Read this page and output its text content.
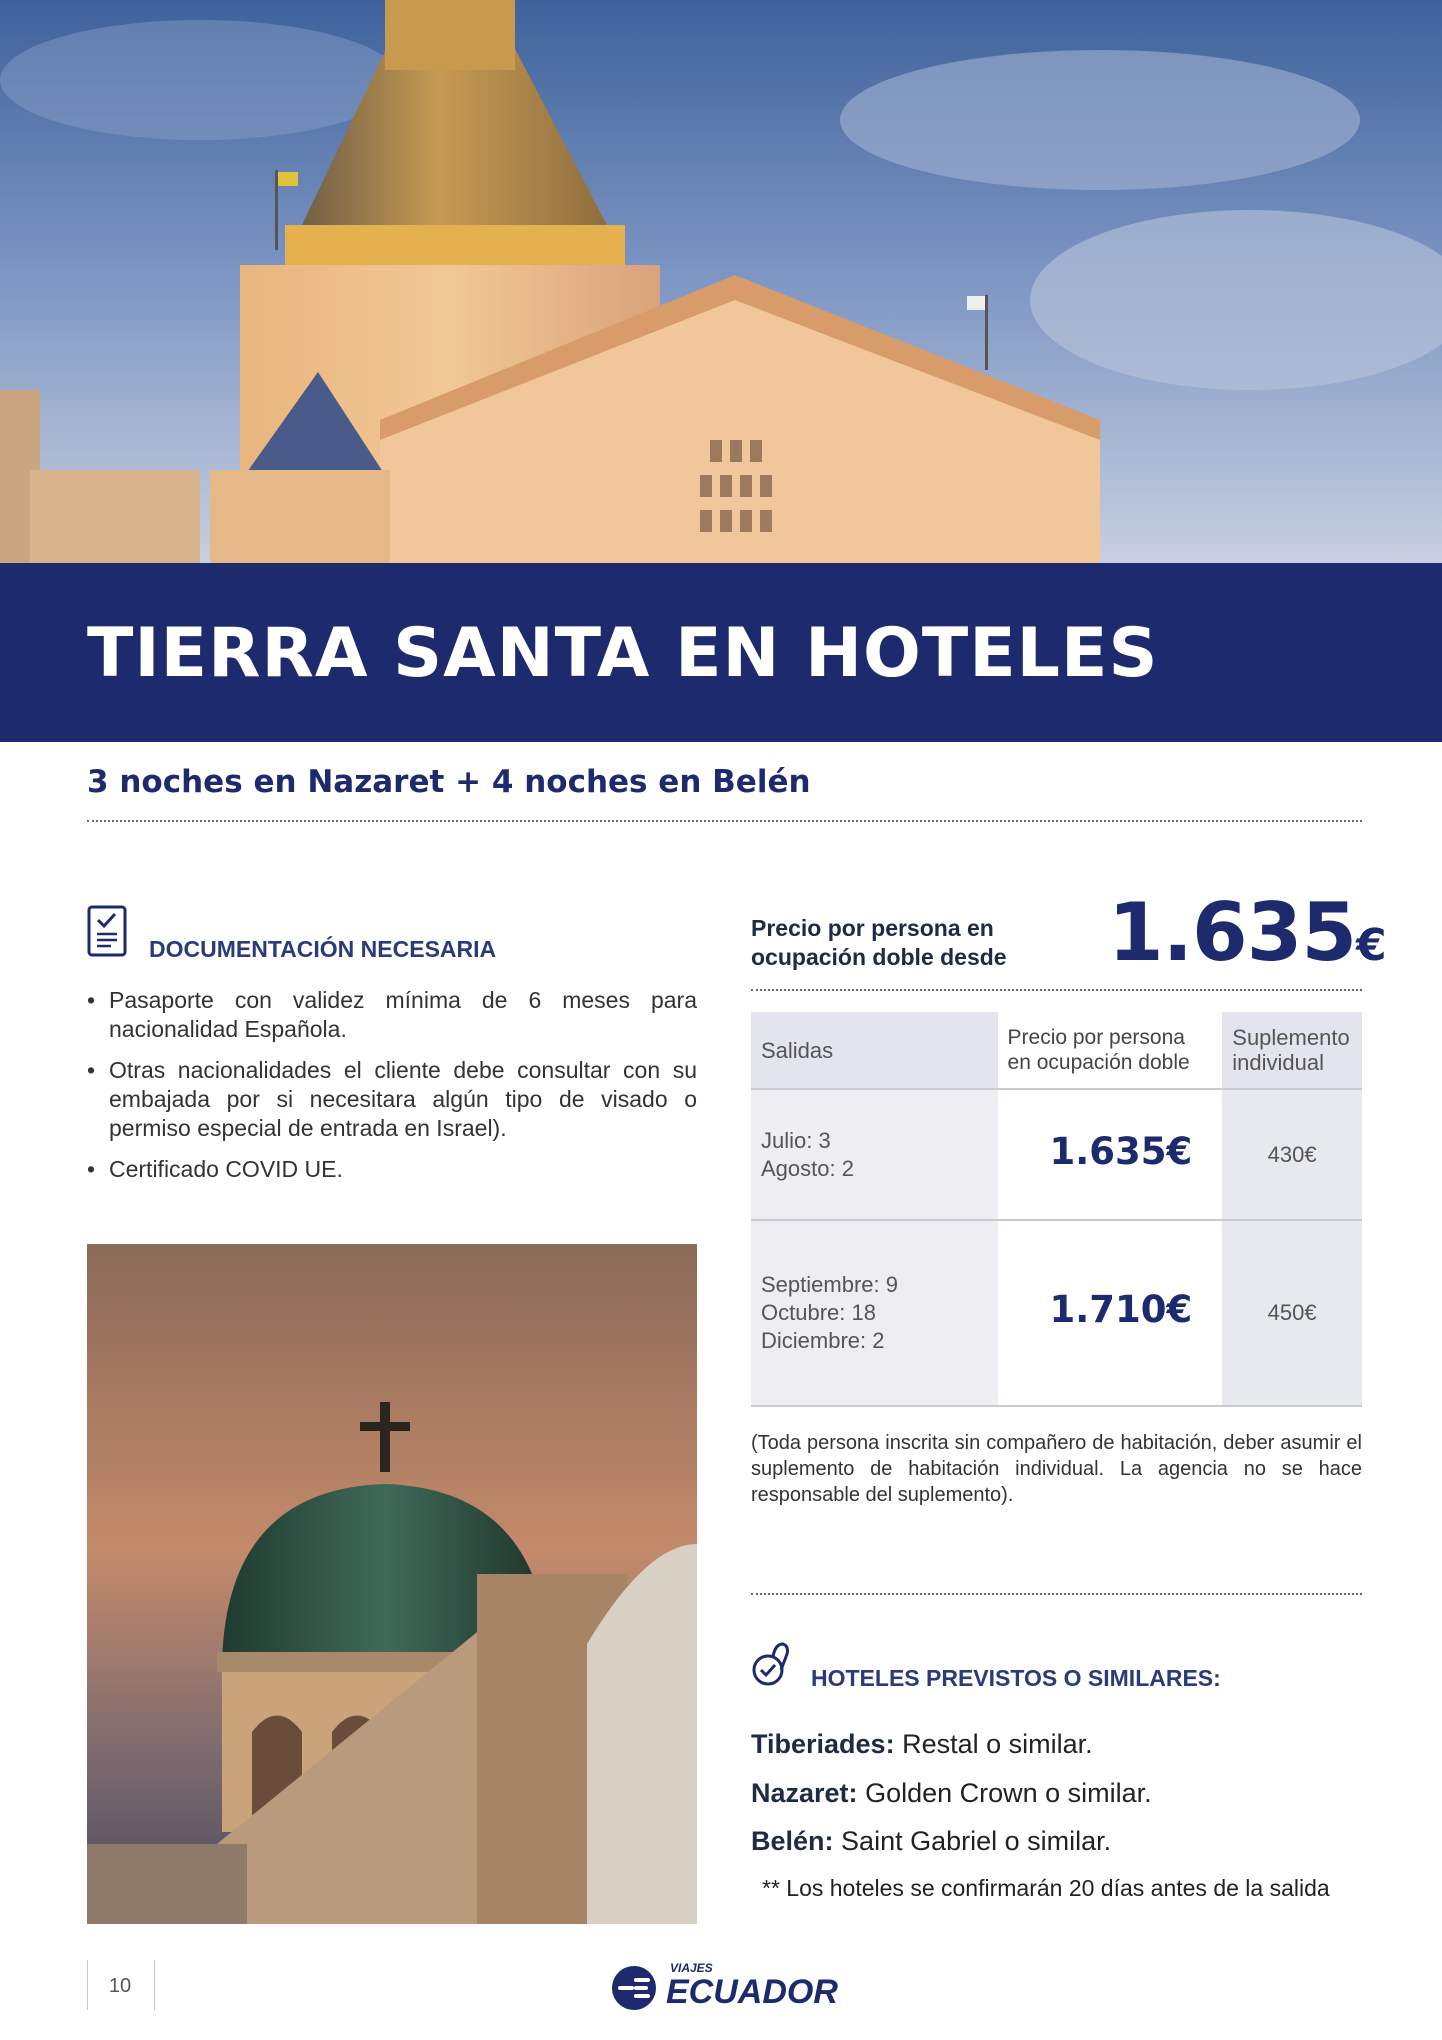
TIERRA SANTA EN HOTELES
3 noches en Nazaret + 4 noches en Belén
DOCUMENTACIÓN NECESARIA
• Pasaporte con validez mínima de 6 meses para nacionalidad Española.
• Otras nacionalidades el cliente debe consultar con su embajada por si necesitara algún tipo de visado o permiso especial de entrada en Israel).
• Certificado COVID UE.
Precio por persona en ocupación doble desde	1.635€
Salidas	Precio por persona en ocupación doble	Suplemento individual

Julio: 3
Agosto: 2	1.635€	430€

Septiembre: 9
Octubre: 18
Diciembre: 2	1.710€	450€
(Toda persona inscrita sin compañero de habitación, deber asumir el suplemento de habitación individual. La agencia no se hace responsable del suplemento).
HOTELES PREVISTOS O SIMILARES:
Tiberiades: Restal o similar.
Nazaret: Golden Crown o similar.
Belén: Saint Gabriel o similar.
** Los hoteles se confirmarán 20 días antes de la salida
10
VIAJES
ECUADOR
